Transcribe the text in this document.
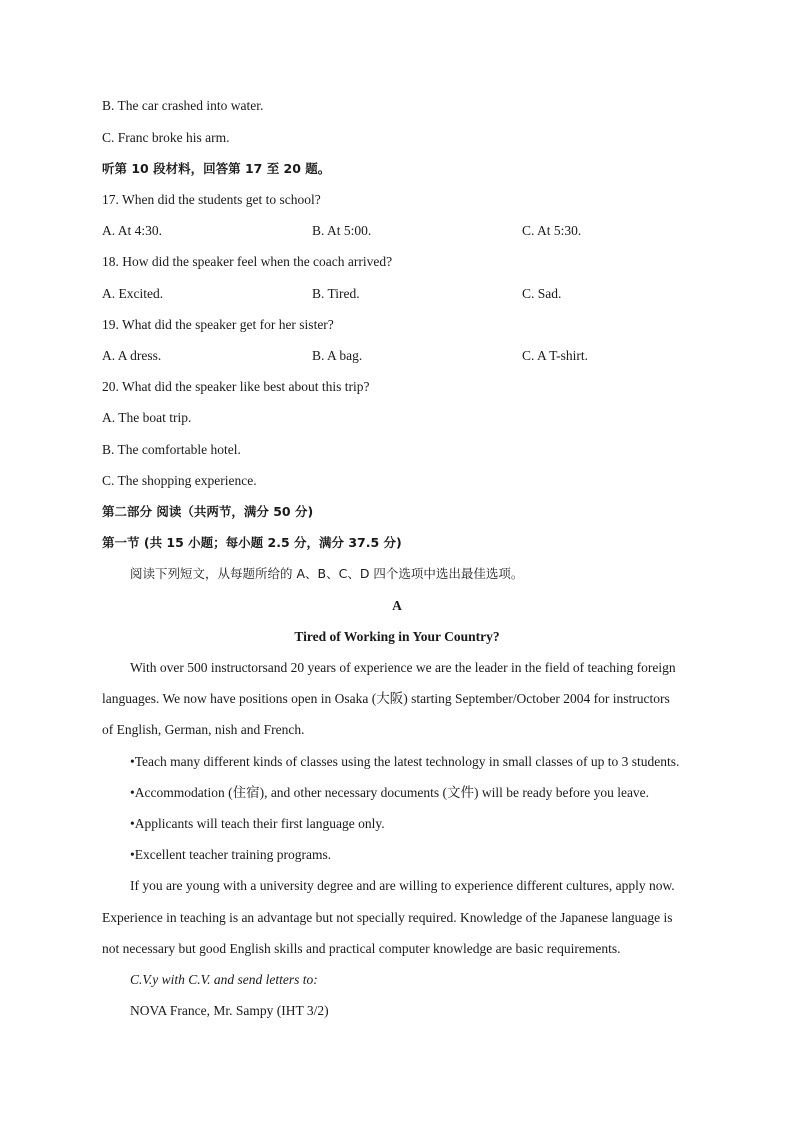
B. The car crashed into water.
C. Franc broke his arm.
听第 10 段材料，回答第 17 至 20 题。
17. When did the students get to school?
A. At 4:30.	B. At 5:00.	C. At 5:30.
18. How did the speaker feel when the coach arrived?
A. Excited.	B. Tired.	C. Sad.
19. What did the speaker get for her sister?
A. A dress.	B. A bag.	C. A T-shirt.
20. What did the speaker like best about this trip?
A. The boat trip.
B. The comfortable hotel.
C. The shopping experience.
第二部分 阅读（共两节，满分 50 分)
第一节 (共 15 小题；每小题 2.5 分，满分 37.5 分)
阅读下列短文，从每题所给的 A、B、C、D 四个选项中选出最佳选项。
A
Tired of Working in Your Country?
With over 500 instructorsand 20 years of experience we are the leader in the field of teaching foreign
languages. We now have positions open in Osaka (大阪) starting September/October 2004 for instructors
of English, German, nish and French.
•Teach many different kinds of classes using the latest technology in small classes of up to 3 students.
•Accommodation (住宿), and other necessary documents (文件) will be ready before you leave.
•Applicants will teach their first language only.
•Excellent teacher training programs.
If you are young with a university degree and are willing to experience different cultures, apply now.
Experience in teaching is an advantage but not specially required. Knowledge of the Japanese language is
not necessary but good English skills and practical computer knowledge are basic requirements.
C.V.y with C.V. and send letters to:
NOVA France, Mr. Sampy (IHT 3/2)
